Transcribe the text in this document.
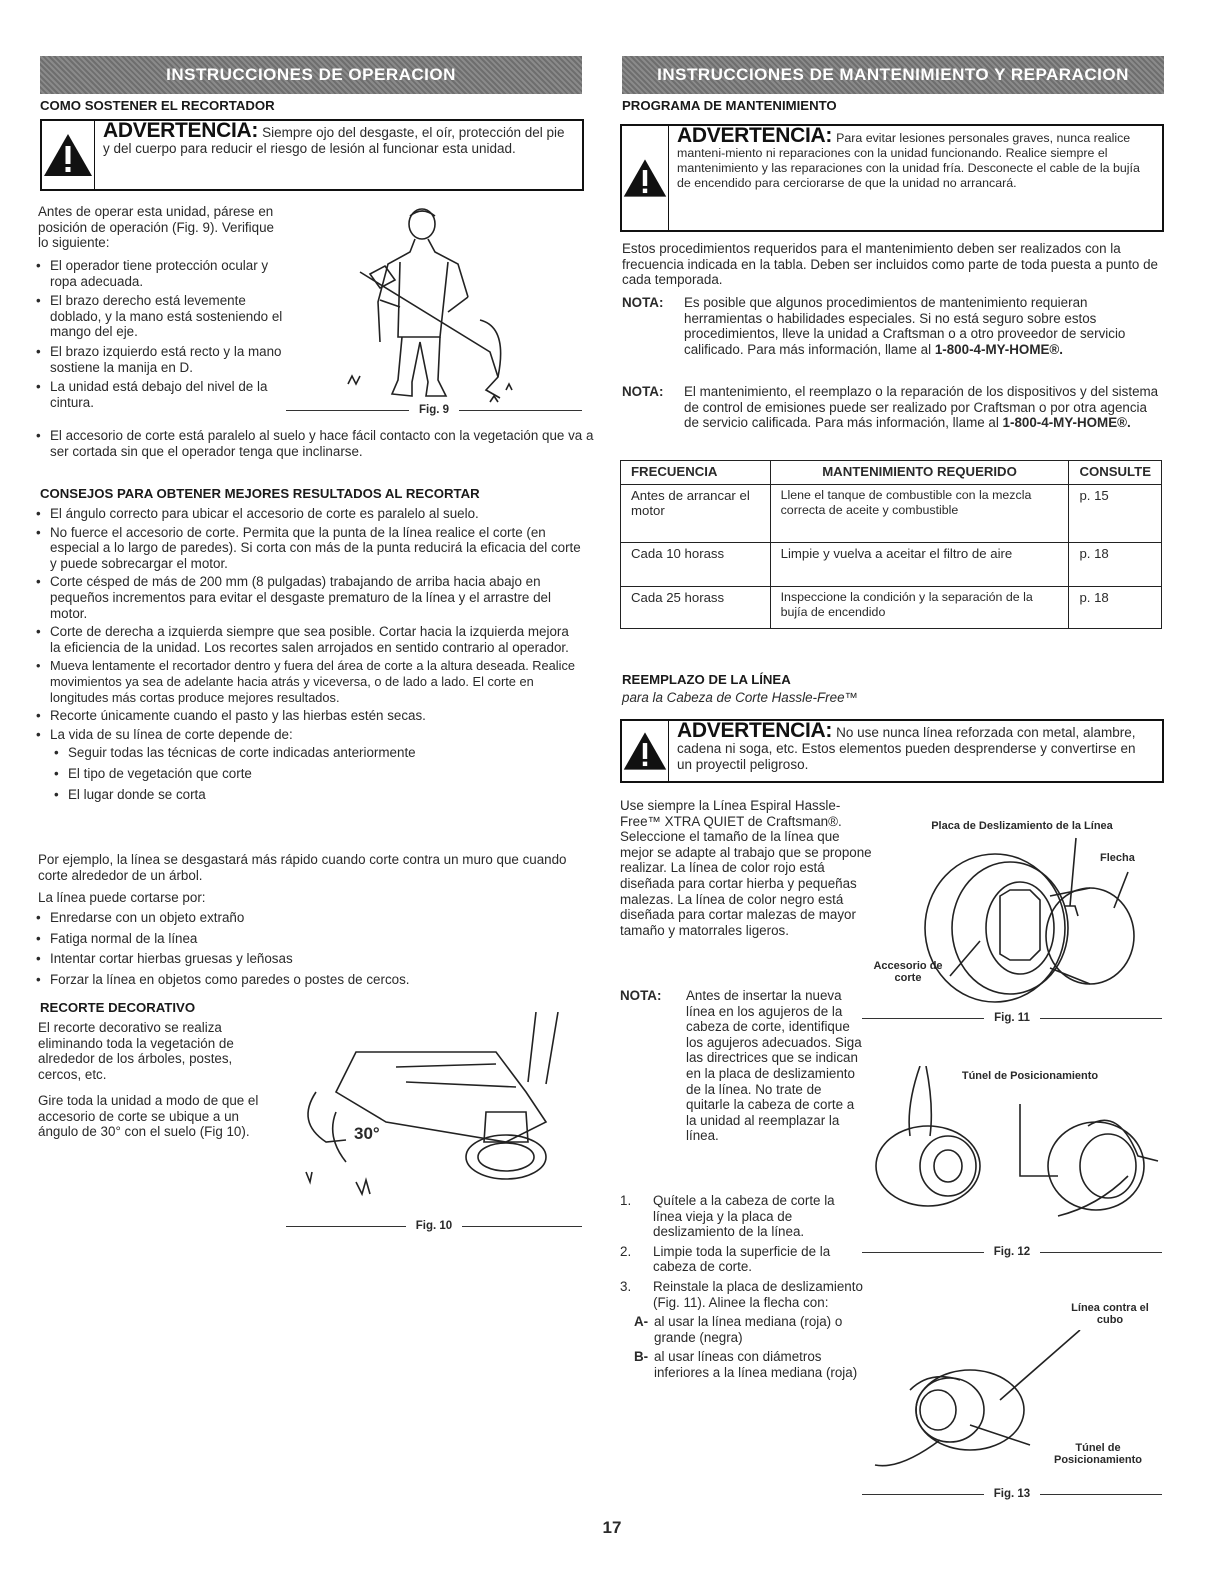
INSTRUCCIONES DE OPERACION
COMO SOSTENER EL RECORTADOR
ADVERTENCIA: Siempre ojo del desgaste, el oír, protección del pie y del cuerpo para reducir el riesgo de lesión al funcionar esta unidad.
Antes de operar esta unidad, párese en posición de operación (Fig. 9). Verifique lo siguiente:
• El operador tiene protección ocular y ropa adecuada.
• El brazo derecho está levemente doblado, y la mano está sosteniendo el mango del eje.
• El brazo izquierdo está recto y la mano sostiene la manija en D.
• La unidad está debajo del nivel de la cintura.
• El accesorio de corte está paralelo al suelo y hace fácil contacto con la vegetación que va a ser cortada sin que el operador tenga que inclinarse.
Fig. 9
CONSEJOS PARA OBTENER MEJORES RESULTADOS AL RECORTAR
• El ángulo correcto para ubicar el accesorio de corte es paralelo al suelo.
• No fuerce el accesorio de corte. Permita que la punta de la línea realice el corte (en especial a lo largo de paredes). Si corta con más de la punta reducirá la eficacia del corte y puede sobrecargar el motor.
• Corte césped de más de 200 mm (8 pulgadas) trabajando de arriba hacia abajo en pequeños incrementos para evitar el desgaste prematuro de la línea y el arrastre del motor.
• Corte de derecha a izquierda siempre que sea posible. Cortar hacia la izquierda mejora la eficiencia de la unidad. Los recortes salen arrojados en sentido contrario al operador.
• Mueva lentamente el recortador dentro y fuera del área de corte a la altura deseada. Realice movimientos ya sea de adelante hacia atrás y viceversa, o de lado a lado. El corte en longitudes más cortas produce mejores resultados.
• Recorte únicamente cuando el pasto y las hierbas estén secas.
• La vida de su línea de corte depende de:
• Seguir todas las técnicas de corte indicadas anteriormente
• El tipo de vegetación que corte
• El lugar donde se corta
Por ejemplo, la línea se desgastará más rápido cuando corte contra un muro que cuando corte alrededor de un árbol.
La línea puede cortarse por:
• Enredarse con un objeto extraño
• Fatiga normal de la línea
• Intentar cortar hierbas gruesas y leñosas
• Forzar la línea en objetos como paredes o postes de cercos.
RECORTE DECORATIVO
El recorte decorativo se realiza eliminando toda la vegetación de alrededor de los árboles, postes, cercos, etc.
Gire toda la unidad a modo de que el accesorio de corte se ubique a un ángulo de 30° con el suelo (Fig 10).	30°
Fig. 10
INSTRUCCIONES DE MANTENIMIENTO Y REPARACION
PROGRAMA DE MANTENIMIENTO
ADVERTENCIA: Para evitar lesiones personales graves, nunca realice manteni-miento ni reparaciones con la unidad funcionando. Realice siempre el mantenimiento y las reparaciones con la unidad fría. Desconecte el cable de la bujía de encendido para cerciorarse de que la unidad no arrancará.
Estos procedimientos requeridos para el mantenimiento deben ser realizados con la frecuencia indicada en la tabla. Deben ser incluidos como parte de toda puesta a punto de cada temporada.
NOTA:	Es posible que algunos procedimientos de mantenimiento requieran herramientas o habilidades especiales. Si no está seguro sobre estos procedimientos, lleve la unidad a Craftsman o a otro proveedor de servicio calificado. Para más información, llame al 1-800-4-MY-HOME®.
NOTA:	El mantenimiento, el reemplazo o la reparación de los dispositivos y del sistema de control de emisiones puede ser realizado por Craftsman o por otra agencia de servicio calificada. Para más información, llame al 1-800-4-MY-HOME®.
FRECUENCIA	MANTENIMIENTO REQUERIDO	CONSULTE
Antes de arrancar el motor	Llene el tanque de combustible con la mezcla correcta de aceite y combustible	p. 15
Cada 10 horass	Limpie y vuelva a aceitar el filtro de aire	p. 18
Cada 25 horass	Inspeccione la condición y la separación de la bujía de encendido	p. 18
REEMPLAZO DE LA LÍNEA
para la Cabeza de Corte Hassle-Free™
ADVERTENCIA: No use nunca línea reforzada con metal, alambre, cadena ni soga, etc. Estos elementos pueden desprenderse y convertirse en un proyectil peligroso.
Use siempre la Línea Espiral Hassle-Free™ XTRA QUIET de Craftsman®. Seleccione el tamaño de la línea que mejor se adapte al trabajo que se propone realizar. La línea de color rojo está diseñada para cortar hierba y pequeñas malezas. La línea de color negro está diseñada para cortar malezas de mayor tamaño y matorrales ligeros.
NOTA:	Antes de insertar la nueva línea en los agujeros de la cabeza de corte, identifique los agujeros adecuados. Siga las directrices que se indican en la placa de deslizamiento de la línea. No trate de quitarle la cabeza de corte a la unidad al reemplazar la línea.
1.	Quítele a la cabeza de corte la línea vieja y la placa de deslizamiento de la línea.
2.	Limpie toda la superficie de la cabeza de corte.
3.	Reinstale la placa de deslizamiento (Fig. 11). Alinee la flecha con:
A- al usar la línea mediana (roja) o grande (negra)
B- al usar líneas con diámetros inferiores a la línea mediana (roja)
Placa de Deslizamiento de la Línea
Flecha
Accesorio de corte
Fig. 11
Túnel de Posicionamiento
Fig. 12
Línea contra el cubo
Túnel de Posicionamiento
Fig. 13
17
